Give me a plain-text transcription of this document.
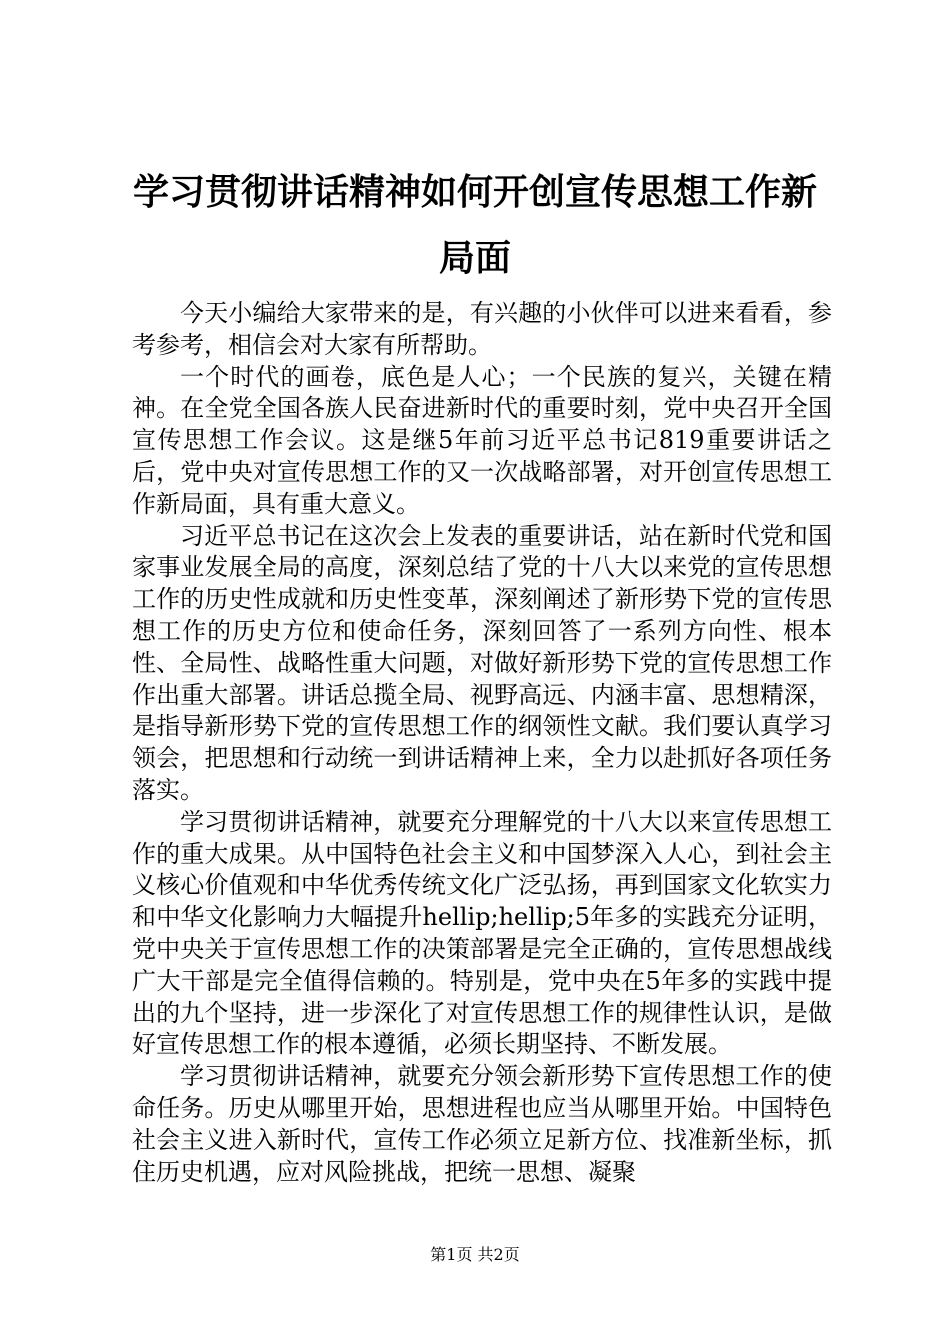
学习贯彻讲话精神如何开创宣传思想工作新局面

今天小编给大家带来的是，有兴趣的小伙伴可以进来看看，参考参考，相信会对大家有所帮助。

一个时代的画卷，底色是人心；一个民族的复兴，关键在精神。在全党全国各族人民奋进新时代的重要时刻，党中央召开全国宣传思想工作会议。这是继5年前习近平总书记819重要讲话之后，党中央对宣传思想工作的又一次战略部署，对开创宣传思想工作新局面，具有重大意义。

习近平总书记在这次会上发表的重要讲话，站在新时代党和国家事业发展全局的高度，深刻总结了党的十八大以来党的宣传思想工作的历史性成就和历史性变革，深刻阐述了新形势下党的宣传思想工作的历史方位和使命任务，深刻回答了一系列方向性、根本性、全局性、战略性重大问题，对做好新形势下党的宣传思想工作作出重大部署。讲话总揽全局、视野高远、内涵丰富、思想精深，是指导新形势下党的宣传思想工作的纲领性文献。我们要认真学习领会，把思想和行动统一到讲话精神上来，全力以赴抓好各项任务落实。

学习贯彻讲话精神，就要充分理解党的十八大以来宣传思想工作的重大成果。从中国特色社会主义和中国梦深入人心，到社会主义核心价值观和中华优秀传统文化广泛弘扬，再到国家文化软实力和中华文化影响力大幅提升hellip;hellip;5年多的实践充分证明，党中央关于宣传思想工作的决策部署是完全正确的，宣传思想战线广大干部是完全值得信赖的。特别是，党中央在5年多的实践中提出的九个坚持，进一步深化了对宣传思想工作的规律性认识，是做好宣传思想工作的根本遵循，必须长期坚持、不断发展。

学习贯彻讲话精神，就要充分领会新形势下宣传思想工作的使命任务。历史从哪里开始，思想进程也应当从哪里开始。中国特色社会主义进入新时代，宣传工作必须立足新方位、找准新坐标，抓住历史机遇，应对风险挑战，把统一思想、凝聚

第1页 共2页
